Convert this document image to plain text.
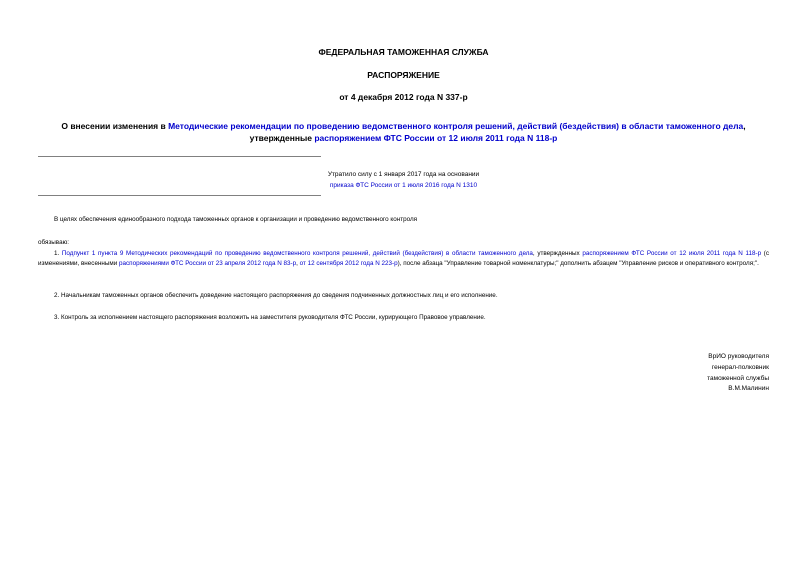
ФЕДЕРАЛЬНАЯ ТАМОЖЕННАЯ СЛУЖБА
РАСПОРЯЖЕНИЕ
от 4 декабря 2012 года N 337-р
О внесении изменения в Методические рекомендации по проведению ведомственного контроля решений, действий (бездействия) в области таможенного дела, утвержденные распоряжением ФТС России от 12 июля 2011 года N 118-р
Утратило силу с 1 января 2017 года на основании
приказа ФТС России от 1 июля 2016 года N 1310
В целях обеспечения единообразного подхода таможенных органов к организации и проведению ведомственного контроля
обязываю:
1. Подпункт 1 пункта 9 Методических рекомендаций по проведению ведомственного контроля решений, действий (бездействия) в области таможенного дела, утвержденных распоряжением ФТС России от 12 июля 2011 года N 118-р (с изменениями, внесенными распоряжениями ФТС России от 23 апреля 2012 года N 83-р, от 12 сентября 2012 года N 223-р), после абзаца "Управление товарной номенклатуры;" дополнить абзацем "Управление рисков и оперативного контроля;".
2. Начальникам таможенных органов обеспечить доведение настоящего распоряжения до сведения подчиненных должностных лиц и его исполнение.
3. Контроль за исполнением настоящего распоряжения возложить на заместителя руководителя ФТС России, курирующего Правовое управление.
ВрИО руководителя
генерал-полковник
таможенной службы
В.М.Малинин
